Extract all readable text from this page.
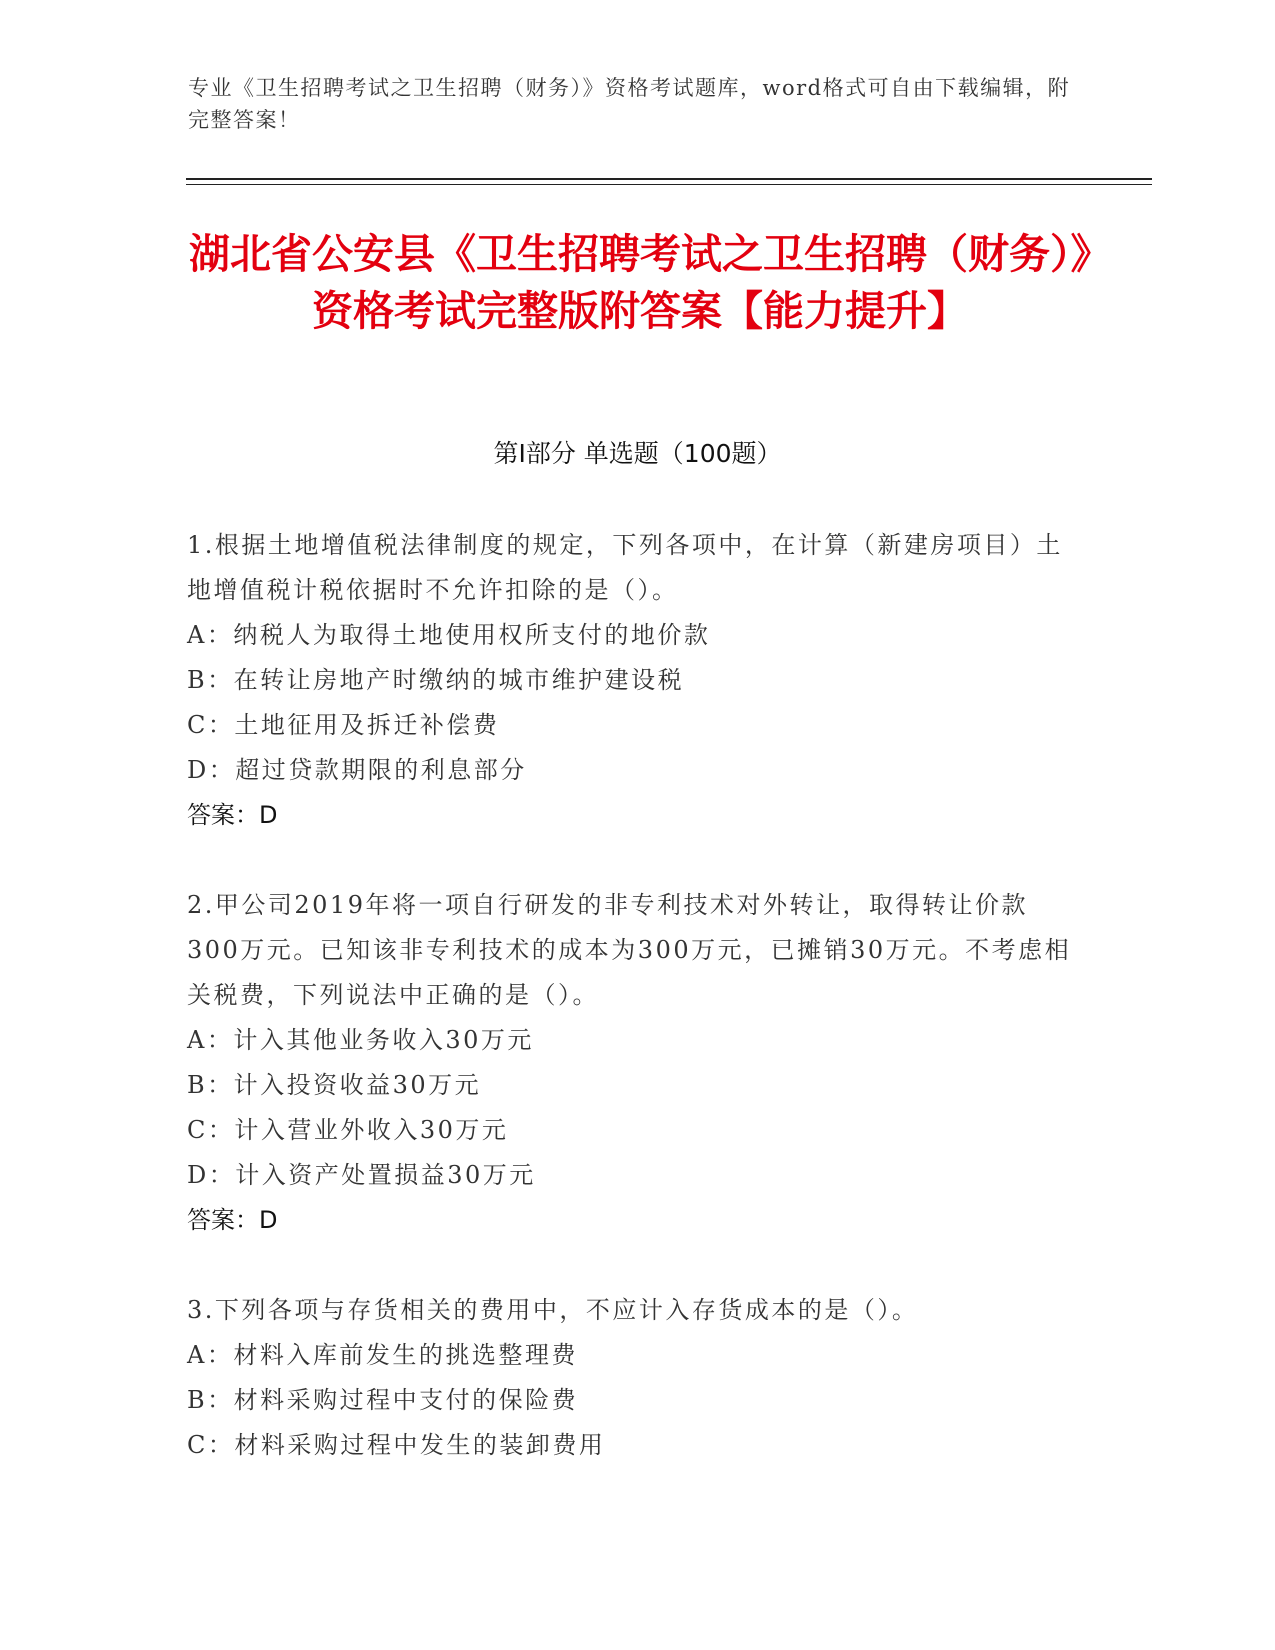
专业《卫生招聘考试之卫生招聘（财务）》资格考试题库，word格式可自由下载编辑，附完整答案！
湖北省公安县《卫生招聘考试之卫生招聘（财务）》资格考试完整版附答案【能力提升】
第Ⅰ部分 单选题（100题）
1.根据土地增值税法律制度的规定，下列各项中，在计算（新建房项目）土地增值税计税依据时不允许扣除的是（）。
A：纳税人为取得土地使用权所支付的地价款
B：在转让房地产时缴纳的城市维护建设税
C：土地征用及拆迁补偿费
D：超过贷款期限的利息部分
答案：D
2.甲公司2019年将一项自行研发的非专利技术对外转让，取得转让价款300万元。已知该非专利技术的成本为300万元，已摊销30万元。不考虑相关税费，下列说法中正确的是（）。
A：计入其他业务收入30万元
B：计入投资收益30万元
C：计入营业外收入30万元
D：计入资产处置损益30万元
答案：D
3.下列各项与存货相关的费用中，不应计入存货成本的是（）。
A：材料入库前发生的挑选整理费
B：材料采购过程中支付的保险费
C：材料采购过程中发生的装卸费用
